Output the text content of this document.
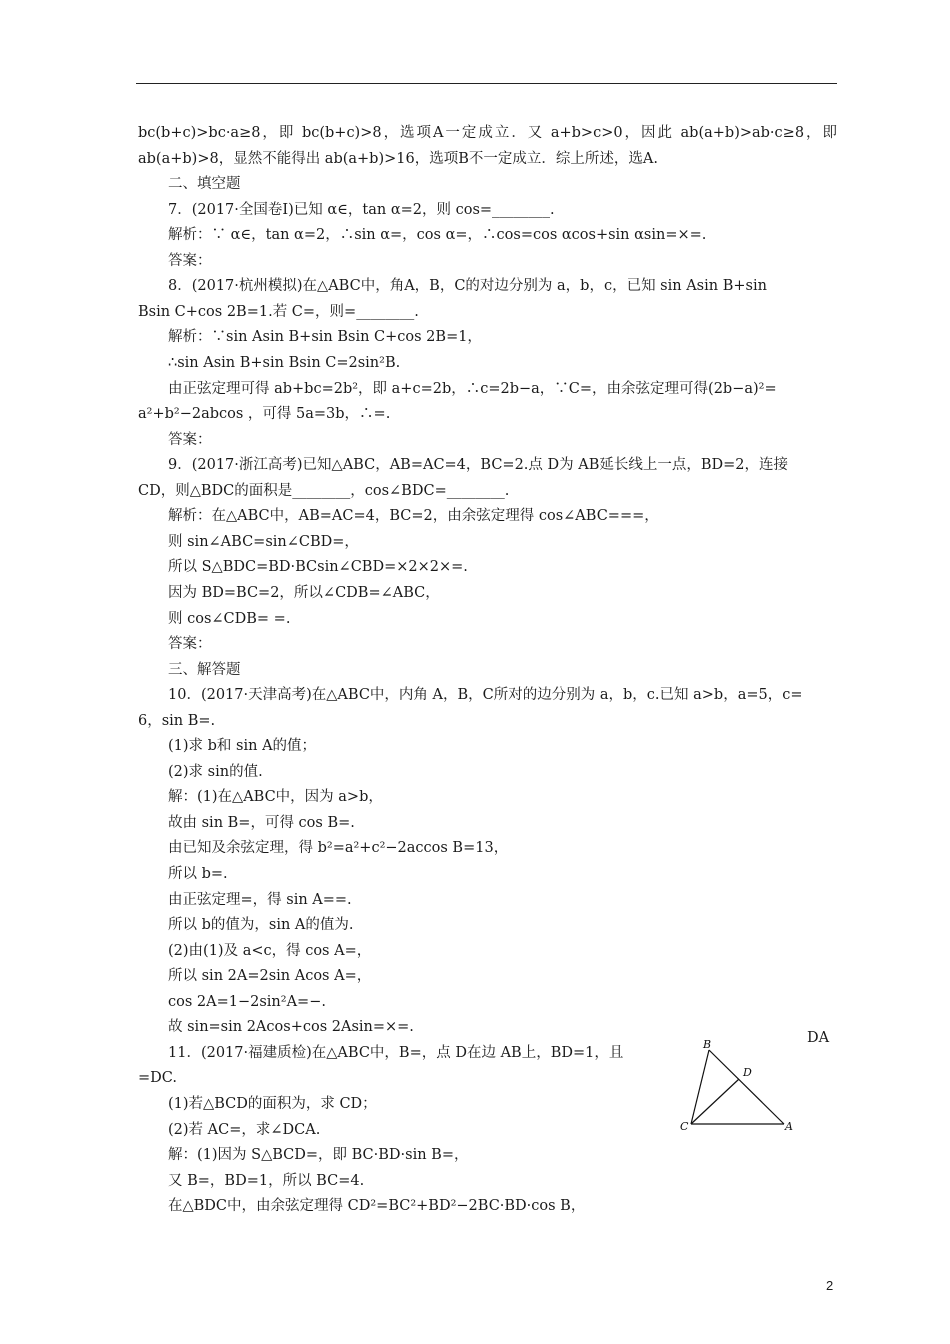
bc(b+c)>bc·a≥8，即 bc(b+c)>8，选项A一定成立．又 a+b>c>0，因此 ab(a+b)>ab·c≥8，即
ab(a+b)>8，显然不能得出 ab(a+b)>16，选项B不一定成立．综上所述，选A.
二、填空题
7．(2017·全国卷Ⅰ)已知 α∈，tan α=2，则 cos=________.
解析：∵ α∈，tan α=2，∴sin α=，cos α=，∴cos=cos αcos+sin αsin=×=.
答案：
8．(2017·杭州模拟)在△ABC中，角A，B，C的对边分别为 a，b，c，已知 sin Asin B+sin
Bsin C+cos 2B=1.若 C=，则=________.
解析：∵sin Asin B+sin Bsin C+cos 2B=1，
∴sin Asin B+sin Bsin C=2sin²B.
由正弦定理可得 ab+bc=2b²，即 a+c=2b，∴c=2b−a，∵C=，由余弦定理可得(2b−a)²=
a²+b²−2abcos ，可得 5a=3b，∴=.
答案：
9．(2017·浙江高考)已知△ABC，AB=AC=4，BC=2.点 D为 AB延长线上一点，BD=2，连接
CD，则△BDC的面积是________，cos∠BDC=________.
解析：在△ABC中，AB=AC=4，BC=2，由余弦定理得 cos∠ABC===，
则 sin∠ABC=sin∠CBD=，
所以 S△BDC=BD·BCsin∠CBD=×2×2×=.
因为 BD=BC=2，所以∠CDB=∠ABC，
则 cos∠CDB= =.
答案：
三、解答题
10．(2017·天津高考)在△ABC中，内角 A，B，C所对的边分别为 a，b，c.已知 a>b，a=5，c=
6，sin B=.
(1)求 b和 sin A的值；
(2)求 sin的值.
解：(1)在△ABC中，因为 a>b，
故由 sin B=，可得 cos B=.
由已知及余弦定理，得 b²=a²+c²−2accos B=13，
所以 b=.
由正弦定理=，得 sin A==.
所以 b的值为，sin A的值为.
(2)由(1)及 a<c，得 cos A=，
所以 sin 2A=2sin Acos A=，
cos 2A=1−2sin²A=−.
故 sin=sin 2Acos+cos 2Asin=×=.
11．(2017·福建质检)在△ABC中，B=，点 D在边 AB上，BD=1，且
=DC.
(1)若△BCD的面积为，求 CD；
(2)若 AC=，求∠DCA.
解：(1)因为 S△BCD=，即 BC·BD·sin B=，
又 B=，BD=1，所以 BC=4.
在△BDC中，由余弦定理得 CD²=BC²+BD²−2BC·BD·cos B，
DA
B
D
C	A
2
